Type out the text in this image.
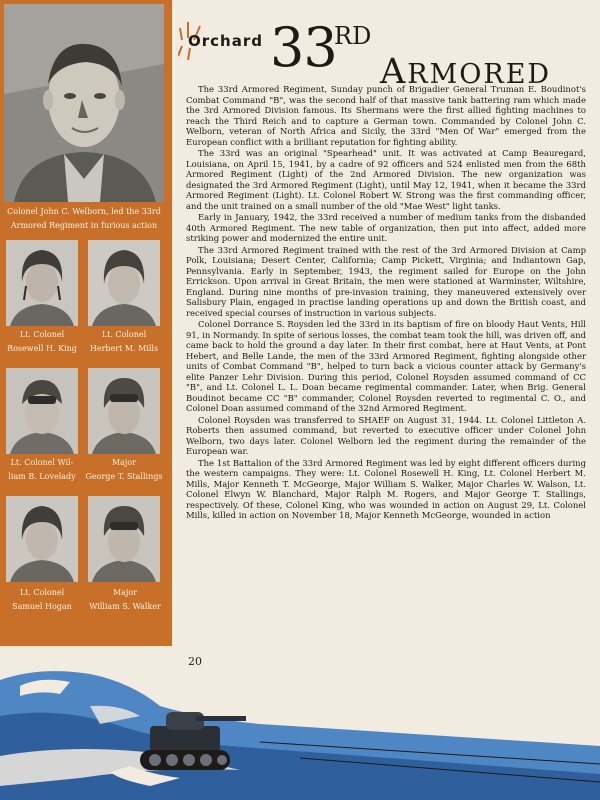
Colonel John C. Welborn, led the 33rd
Armored Regiment in furious action
Lt. Colonel
Rosewell H. King
Lt. Colonel
Herbert M. Mills
Lt. Colonel Wil-
liam B. Lovelady
Major
George T. Stallings
Lt. Colonel
Samuel Hogan
Major
William S. Walker
Orchard 33
RD
ARMORED

The 33rd Armored Regiment, Sunday punch of Brigadier General Truman E. Boudinot's Combat Command "B", was the second half of that massive tank battering ram which made the 3rd Armored Division famous. Its Shermans were the first allied fighting machines to reach the Third Reich and to capture a German town. Commanded by Colonel John C. Welborn, veteran of North Africa and Sicily, the 33rd "Men Of War" emerged from the European conflict with a brilliant reputation for fighting ability.

The 33rd was an original "Spearhead" unit. It was activated at Camp Beauregard, Louisiana, on April 15, 1941, by a cadre of 92 officers and 524 enlisted men from the 68th Armored Regiment (Light) of the 2nd Armored Division. The new organization was designated the 3rd Armored Regiment (Light), until May 12, 1941, when it became the 33rd Armored Regiment (Light). Lt. Colonel Robert W. Strong was the first commanding officer, and the unit trained on a small number of the old "Mae West" light tanks.

Early in January, 1942, the 33rd received a number of medium tanks from the disbanded 40th Armored Regiment. The new table of organization, then put into affect, added more striking power and modernized the entire unit.

The 33rd Armored Regiment trained with the rest of the 3rd Armored Division at Camp Polk, Louisiana; Desert Center, California; Camp Pickett, Virginia; and Indiantown Gap, Pennsylvania. Early in September, 1943, the regiment sailed for Europe on the John Errickson. Upon arrival in Great Britain, the men were stationed at Warminster, Wiltshire, England. During nine months of pre-invasion training, they maneuvered extensively over Salisbury Plain, engaged in practise landing operations up and down the British coast, and received special courses of instruction in various subjects.

Colonel Dorrance S. Roysden led the 33rd in its baptism of fire on bloody Haut Vents, Hill 91, in Normandy. In spite of serious losses, the combat team took the hill, was driven off, and came back to hold the ground a day later. In their first combat, here at Haut Vents, at Pont Hebert, and Belle Lande, the men of the 33rd Armored Regiment, fighting alongside other units of Combat Command "B", helped to turn back a vicious counter attack by Germany's elite Panzer Lehr Division. During this period, Colonel Roysden assumed command of CC "B", and Lt. Colonel L. L. Doan became regimental commander. Later, when Brig. General Boudinot became CC "B" commander, Colonel Roysden reverted to regimental C. O., and Colonel Doan assumed command of the 32nd Armored Regiment.

Colonel Roysden was transferred to SHAEF on August 31, 1944. Lt. Colonel Littleton A. Roberts then assumed command, but reverted to executive officer under Colonel John Welborn, two days later. Colonel Welborn led the regiment during the remainder of the European war.

The 1st Battalion of the 33rd Armored Regiment was led by eight different officers during the western campaigns. They were: Lt. Colonel Rosewell H. King, Lt. Colonel Herbert M. Mills, Major Kenneth T. McGeorge, Major William S. Walker, Major Charles W. Walson, Lt. Colonel Elwyn W. Blanchard, Major Ralph M. Rogers, and Major George T. Stallings, respectively. Of these, Colonel King, who was wounded in action on August 29, Lt. Colonel Mills, killed in action on November 18, Major Kenneth McGeorge, wounded in action

20
